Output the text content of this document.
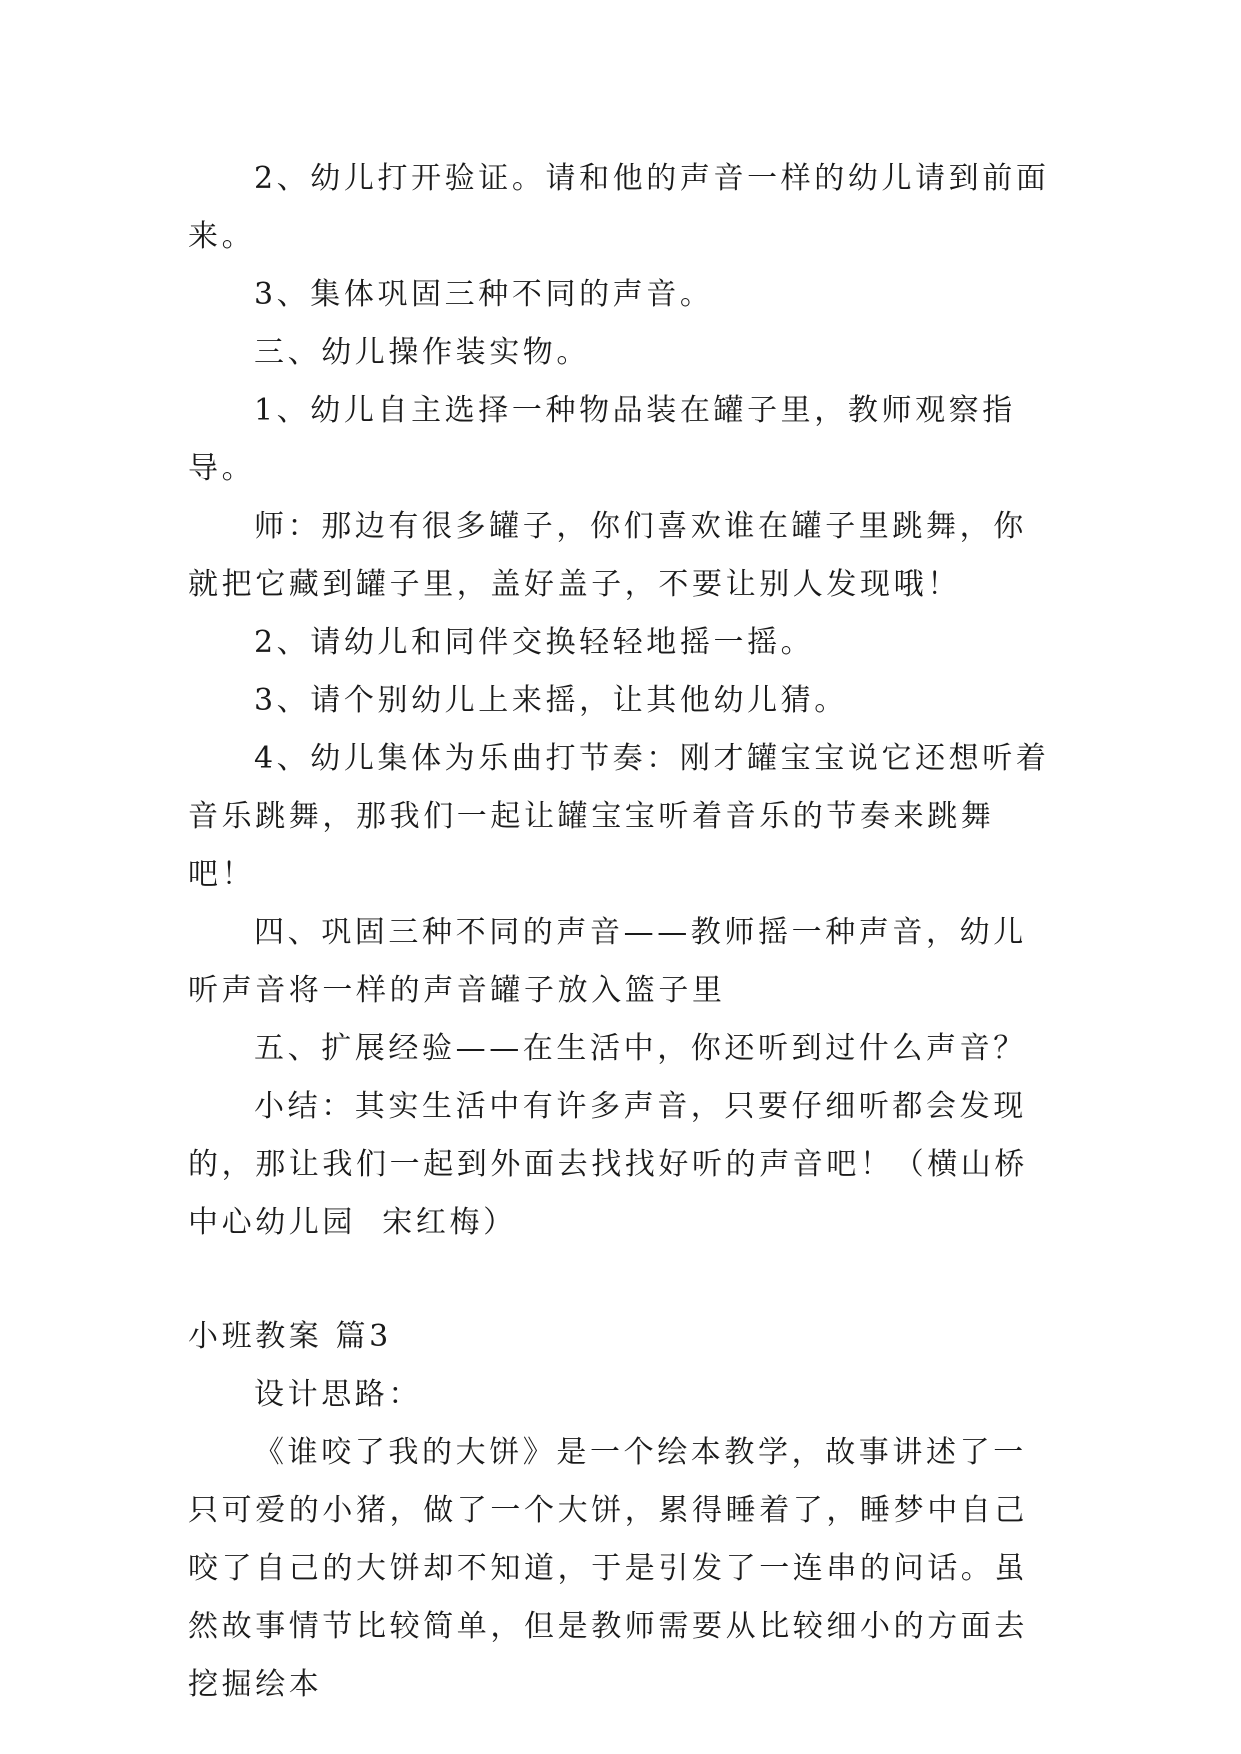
2、幼儿打开验证。请和他的声音一样的幼儿请到前面来。

3、集体巩固三种不同的声音。

三、幼儿操作装实物。

1、幼儿自主选择一种物品装在罐子里，教师观察指导。

师：那边有很多罐子，你们喜欢谁在罐子里跳舞，你就把它藏到罐子里，盖好盖子，不要让别人发现哦！

2、请幼儿和同伴交换轻轻地摇一摇。

3、请个别幼儿上来摇，让其他幼儿猜。

4、幼儿集体为乐曲打节奏：刚才罐宝宝说它还想听着音乐跳舞，那我们一起让罐宝宝听着音乐的节奏来跳舞吧！

四、巩固三种不同的声音——教师摇一种声音，幼儿听声音将一样的声音罐子放入篮子里

五、扩展经验——在生活中，你还听到过什么声音？

小结：其实生活中有许多声音，只要仔细听都会发现的，那让我们一起到外面去找找好听的声音吧！（横山桥中心幼儿园  宋红梅）

小班教案 篇3

设计思路：

《谁咬了我的大饼》是一个绘本教学，故事讲述了一只可爱的小猪，做了一个大饼，累得睡着了，睡梦中自己咬了自己的大饼却不知道，于是引发了一连串的问话。虽然故事情节比较简单，但是教师需要从比较细小的方面去挖掘绘本
